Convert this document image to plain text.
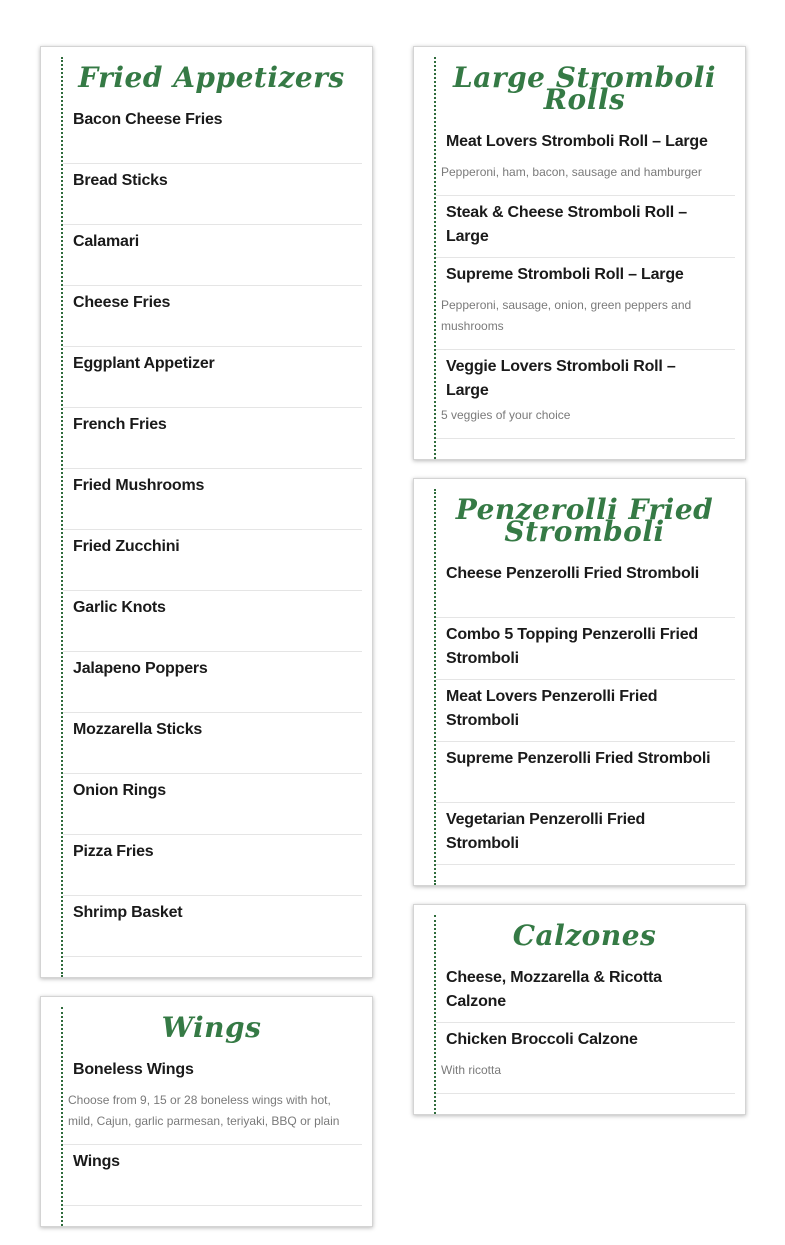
Fried Appetizers
Bacon Cheese Fries
Bread Sticks
Calamari
Cheese Fries
Eggplant Appetizer
French Fries
Fried Mushrooms
Fried Zucchini
Garlic Knots
Jalapeno Poppers
Mozzarella Sticks
Onion Rings
Pizza Fries
Shrimp Basket
Wings
Boneless Wings
Choose from 9, 15 or 28 boneless wings with hot, mild, Cajun, garlic parmesan, teriyaki, BBQ or plain
Wings
Large Stromboli Rolls
Meat Lovers Stromboli Roll – Large
Pepperoni, ham, bacon, sausage and hamburger
Steak & Cheese Stromboli Roll – Large
Supreme Stromboli Roll – Large
Pepperoni, sausage, onion, green peppers and mushrooms
Veggie Lovers Stromboli Roll – Large
5 veggies of your choice
Penzerolli Fried Stromboli
Cheese Penzerolli Fried Stromboli
Combo 5 Topping Penzerolli Fried Stromboli
Meat Lovers Penzerolli Fried Stromboli
Supreme Penzerolli Fried Stromboli
Vegetarian Penzerolli Fried Stromboli
Calzones
Cheese, Mozzarella & Ricotta Calzone
Chicken Broccoli Calzone
With ricotta
